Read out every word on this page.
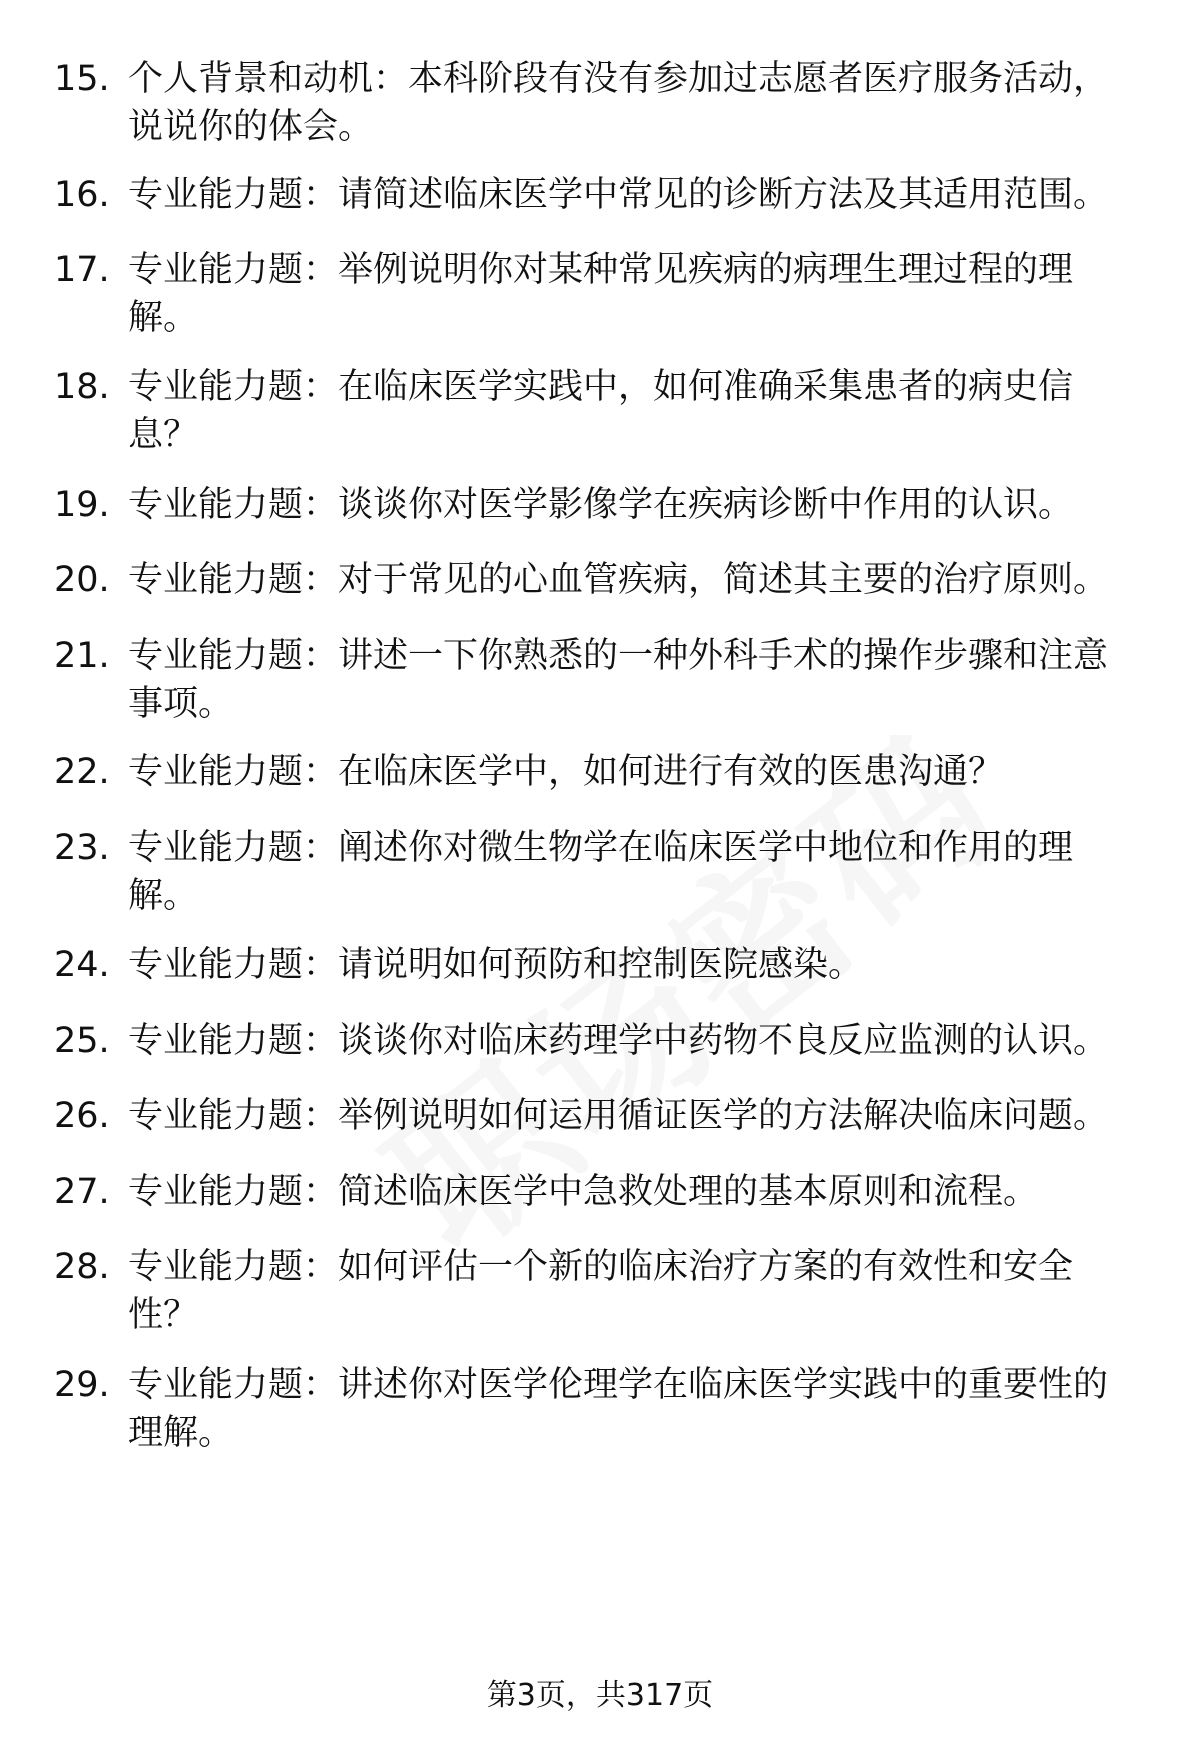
15. 个人背景和动机：本科阶段有没有参加过志愿者医疗服务活动，说说你的体会。
16. 专业能力题：请简述临床医学中常见的诊断方法及其适用范围。
17. 专业能力题：举例说明你对某种常见疾病的病理生理过程的理解。
18. 专业能力题：在临床医学实践中，如何准确采集患者的病史信息？
19. 专业能力题：谈谈你对医学影像学在疾病诊断中作用的认识。
20. 专业能力题：对于常见的心血管疾病，简述其主要的治疗原则。
21. 专业能力题：讲述一下你熟悉的一种外科手术的操作步骤和注意事项。
22. 专业能力题：在临床医学中，如何进行有效的医患沟通？
23. 专业能力题：阐述你对微生物学在临床医学中地位和作用的理解。
24. 专业能力题：请说明如何预防和控制医院感染。
25. 专业能力题：谈谈你对临床药理学中药物不良反应监测的认识。
26. 专业能力题：举例说明如何运用循证医学的方法解决临床问题。
27. 专业能力题：简述临床医学中急救处理的基本原则和流程。
28. 专业能力题：如何评估一个新的临床治疗方案的有效性和安全性？
29. 专业能力题：讲述你对医学伦理学在临床医学实践中的重要性的理解。
第3页，共317页
